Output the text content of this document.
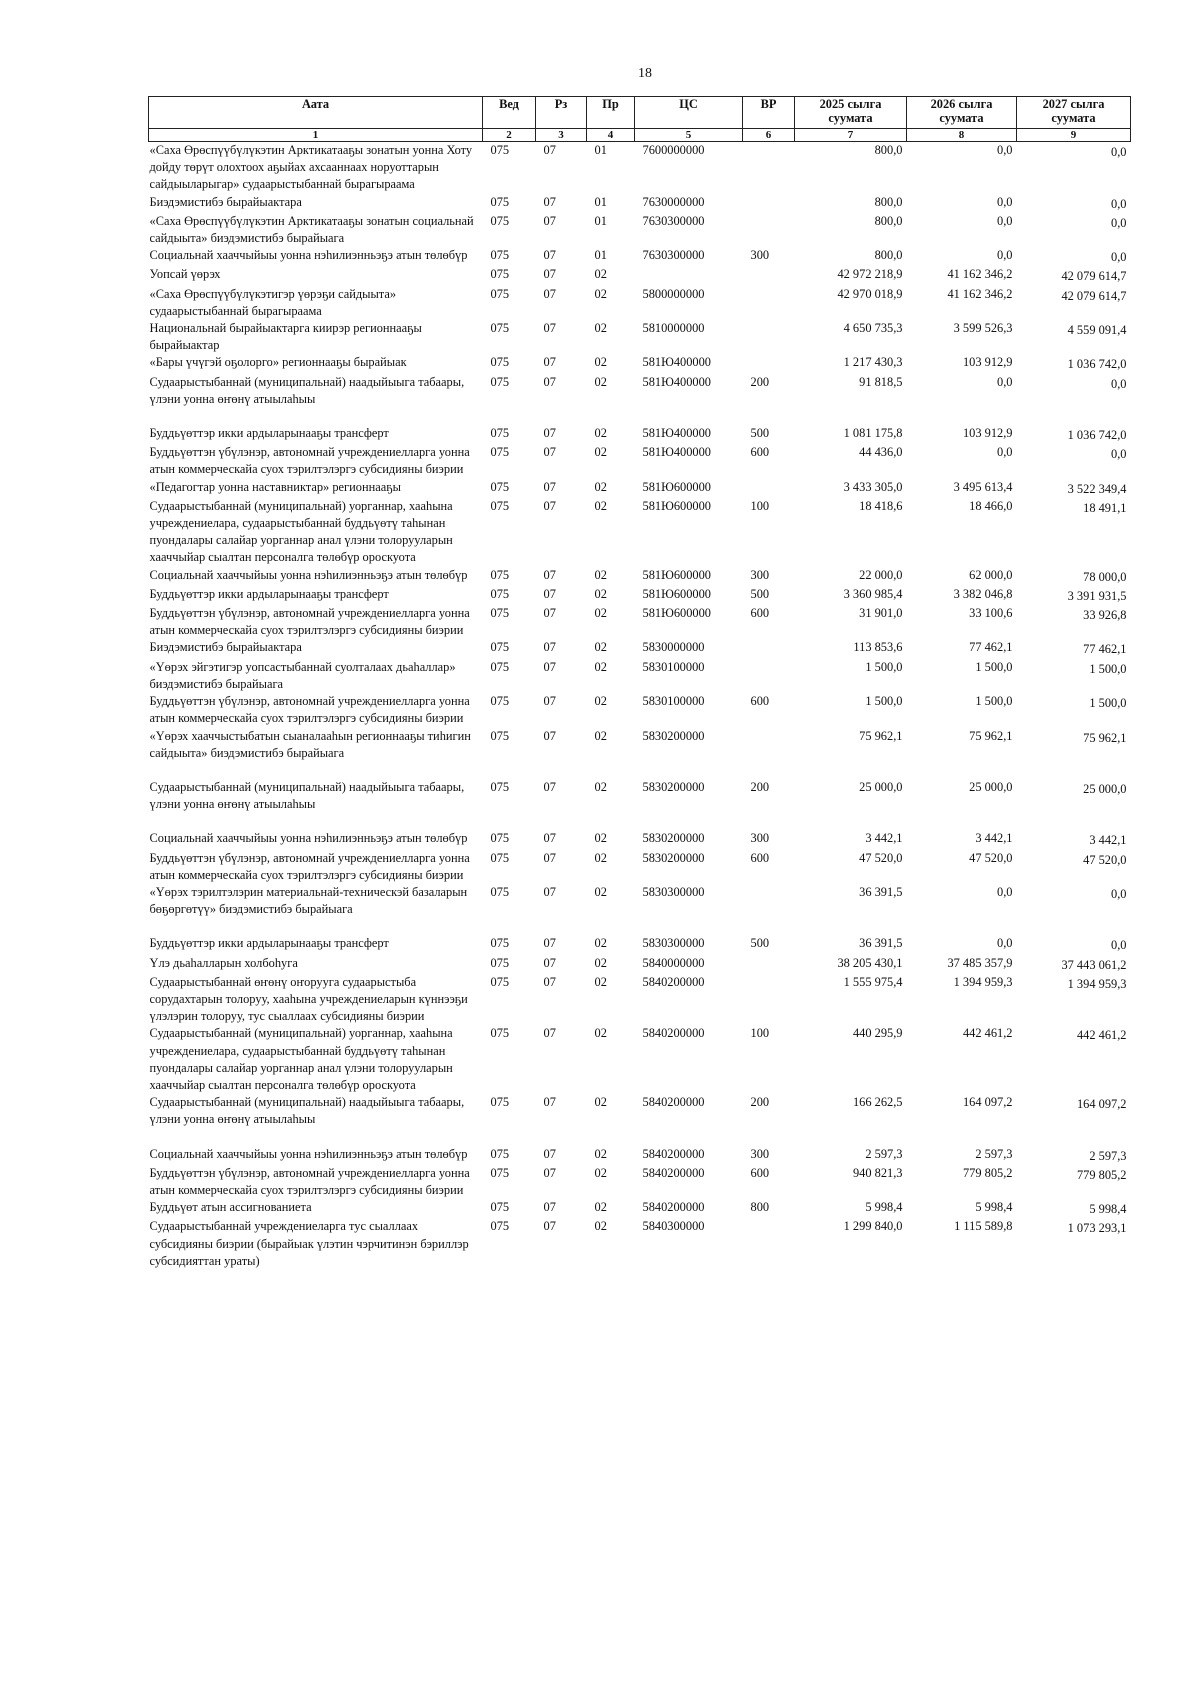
18
Аата	Вед	Рз	Пр	ЦС	ВР	2025 сылга суумата	2026 сылга суумата	2027 сылга суумата
1	2	3	4	5	6	7	8	9
«Саха Өрөспүүбүлүкэтин Арктикатааҕы зонатын уонна Хоту дойду төрүт олохтоох аҕыйах ахсааннаах норуоттарын сайдыыларыгар» судаарыстыбаннай бырагыраама	075	07	01	7600000000		800,0	0,0	0,0
Биэдэмистибэ бырайыактара	075	07	01	7630000000		800,0	0,0	0,0
«Саха Өрөспүүбүлүкэтин Арктикатааҕы зонатын социальнай сайдыыта» биэдэмистибэ бырайыага	075	07	01	7630300000		800,0	0,0	0,0
Социальнай хааччыйыы уонна нэһилиэнньэҕэ атын төлөбүр	075	07	01	7630300000	300	800,0	0,0	0,0
Уопсай үөрэх	075	07	02			42 972 218,9	41 162 346,2	42 079 614,7
«Саха Өрөспүүбүлүкэтигэр үөрэҕи сайдыыта» судаарыстыбаннай бырагыраама	075	07	02	5800000000		42 970 018,9	41 162 346,2	42 079 614,7
Национальнай бырайыактарга киирэр регионнааҕы бырайыактар	075	07	02	5810000000		4 650 735,3	3 599 526,3	4 559 091,4
«Бары үчүгэй оҕолорго» регионнааҕы бырайыак	075	07	02	581Ю400000		1 217 430,3	103 912,9	1 036 742,0
Судаарыстыбаннай (муниципальнай) наадыйыыга табаары, үлэни уонна өҥөнү атыылаһыы	075	07	02	581Ю400000	200	91 818,5	0,0	0,0
Буддьүөттэр икки ардыларынааҕы трансферт	075	07	02	581Ю400000	500	1 081 175,8	103 912,9	1 036 742,0
Буддьүөттэн үбүлэнэр, автономнай учреждениелларга уонна атын коммерческайа суох тэрилтэлэргэ субсидияны биэрии	075	07	02	581Ю400000	600	44 436,0	0,0	0,0
«Педагогтар уонна наставниктар» регионнааҕы	075	07	02	581Ю600000		3 433 305,0	3 495 613,4	3 522 349,4
Судаарыстыбаннай (муниципальнай) уорганнар, хааһына учреждениелара, судаарыстыбаннай буддьүөтү таһынан пуондалары салайар уорганнар анал үлэни толорууларын хааччыйар сыалтан персоналга төлөбүр ороскуота	075	07	02	581Ю600000	100	18 418,6	18 466,0	18 491,1
Социальнай хааччыйыы уонна нэһилиэнньэҕэ атын төлөбүр	075	07	02	581Ю600000	300	22 000,0	62 000,0	78 000,0
Буддьүөттэр икки ардыларынааҕы трансферт	075	07	02	581Ю600000	500	3 360 985,4	3 382 046,8	3 391 931,5
Буддьүөттэн үбүлэнэр, автономнай учреждениелларга уонна атын коммерческайа суох тэрилтэлэргэ субсидияны биэрии	075	07	02	581Ю600000	600	31 901,0	33 100,6	33 926,8
Биэдэмистибэ бырайыактара	075	07	02	5830000000		113 853,6	77 462,1	77 462,1
«Үөрэх эйгэтигэр уопсастыбаннай суолталаах дьаһаллар» биэдэмистибэ бырайыага	075	07	02	5830100000		1 500,0	1 500,0	1 500,0
Буддьүөттэн үбүлэнэр, автономнай учреждениелларга уонна атын коммерческайа суох тэрилтэлэргэ субсидияны биэрии	075	07	02	5830100000	600	1 500,0	1 500,0	1 500,0
«Үөрэх хааччыстыбатын сыаналааһын регионнааҕы тиһигин сайдыыта» биэдэмистибэ бырайыага	075	07	02	5830200000		75 962,1	75 962,1	75 962,1
Судаарыстыбаннай (муниципальнай) наадыйыыга табаары, үлэни уонна өҥөнү атыылаһыы	075	07	02	5830200000	200	25 000,0	25 000,0	25 000,0
Социальнай хааччыйыы уонна нэһилиэнньэҕэ атын төлөбүр	075	07	02	5830200000	300	3 442,1	3 442,1	3 442,1
Буддьүөттэн үбүлэнэр, автономнай учреждениелларга уонна атын коммерческайа суох тэрилтэлэргэ субсидияны биэрии	075	07	02	5830200000	600	47 520,0	47 520,0	47 520,0
«Үөрэх тэрилтэлэрин материальнай-техническэй базаларын бөҕөргөтүү» биэдэмистибэ бырайыага	075	07	02	5830300000		36 391,5	0,0	0,0
Буддьүөттэр икки ардыларынааҕы трансферт	075	07	02	5830300000	500	36 391,5	0,0	0,0
Үлэ дьаһалларын холбоһуга	075	07	02	5840000000		38 205 430,1	37 485 357,9	37 443 061,2
Судаарыстыбаннай өҥөнү оҥорууга судаарыстыба сорудахтарын толоруу, хааһына учреждениеларын күннээҕи үлэлэрин толоруу, тус сыаллаах субсидияны биэрии	075	07	02	5840200000		1 555 975,4	1 394 959,3	1 394 959,3
Судаарыстыбаннай (муниципальнай) уорганнар, хааһына учреждениелара, судаарыстыбаннай буддьүөтү таһынан пуондалары салайар уорганнар анал үлэни толорууларын хааччыйар сыалтан персоналга төлөбүр ороскуота	075	07	02	5840200000	100	440 295,9	442 461,2	442 461,2
Судаарыстыбаннай (муниципальнай) наадыйыыга табаары, үлэни уонна өҥөнү атыылаһыы	075	07	02	5840200000	200	166 262,5	164 097,2	164 097,2
Социальнай хааччыйыы уонна нэһилиэнньэҕэ атын төлөбүр	075	07	02	5840200000	300	2 597,3	2 597,3	2 597,3
Буддьүөттэн үбүлэнэр, автономнай учреждениелларга уонна атын коммерческайа суох тэрилтэлэргэ субсидияны биэрии	075	07	02	5840200000	600	940 821,3	779 805,2	779 805,2
Буддьүөт атын ассигнованиета	075	07	02	5840200000	800	5 998,4	5 998,4	5 998,4
Судаарыстыбаннай учреждениеларга тус сыаллаах субсидияны биэрии (бырайыак үлэтин чэрчитинэн бэриллэр субсидияттан ураты)	075	07	02	5840300000		1 299 840,0	1 115 589,8	1 073 293,1
